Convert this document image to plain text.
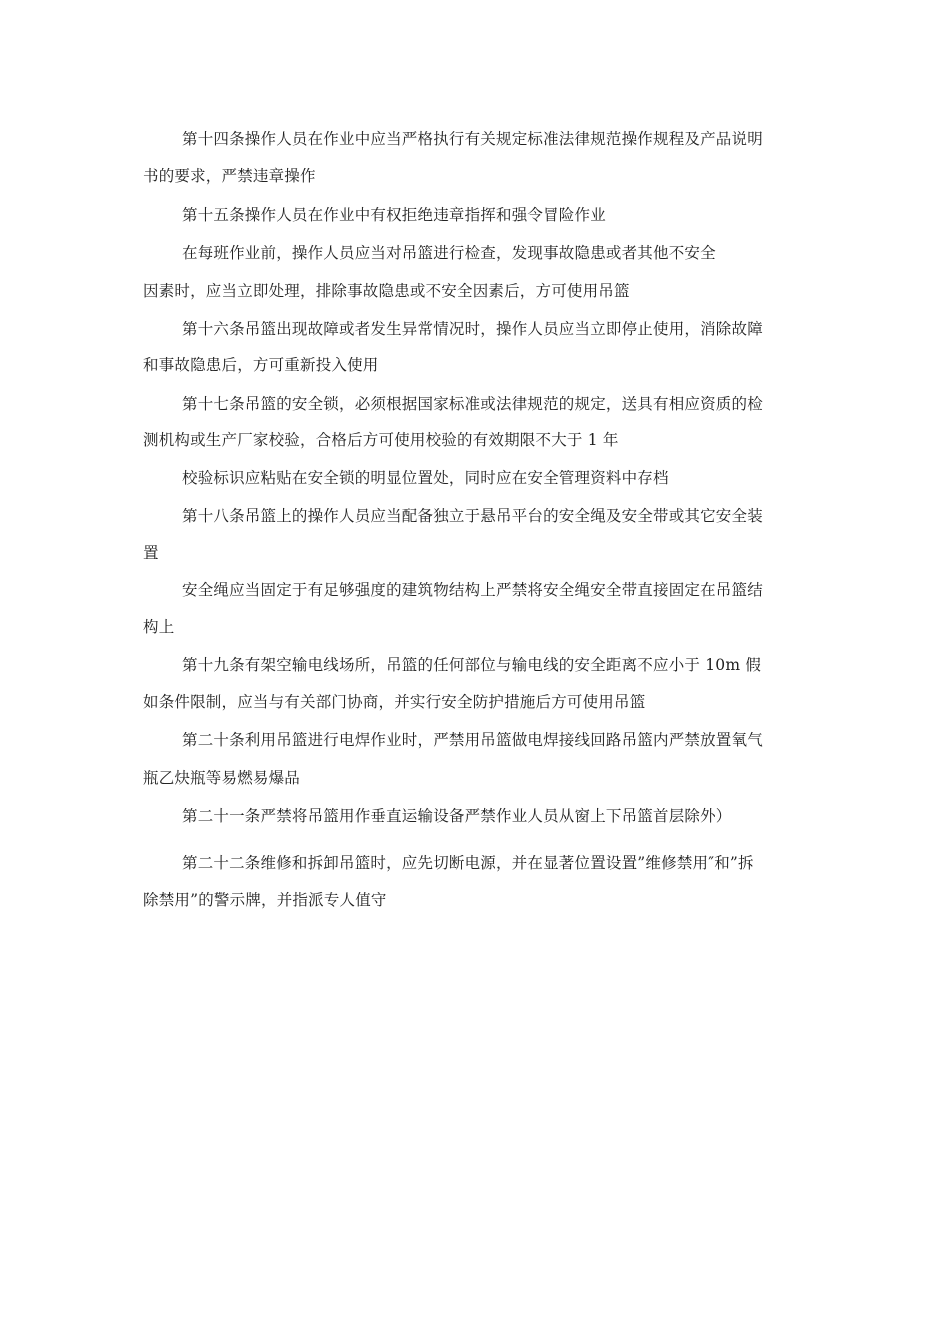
第十四条操作人员在作业中应当严格执行有关规定标准法律规范操作规程及产品说明
书的要求，严禁违章操作
第十五条操作人员在作业中有权拒绝违章指挥和强令冒险作业
在每班作业前，操作人员应当对吊篮进行检查，发现事故隐患或者其他不安全
因素时，应当立即处理，排除事故隐患或不安全因素后，方可使用吊篮
第十六条吊篮出现故障或者发生异常情况时，操作人员应当立即停止使用，消除故障
和事故隐患后，方可重新投入使用
第十七条吊篮的安全锁，必须根据国家标准或法律规范的规定，送具有相应资质的检
测机构或生产厂家校验，合格后方可使用校验的有效期限不大于 1 年
校验标识应粘贴在安全锁的明显位置处，同时应在安全管理资料中存档
第十八条吊篮上的操作人员应当配备独立于悬吊平台的安全绳及安全带或其它安全装
置
安全绳应当固定于有足够强度的建筑物结构上严禁将安全绳安全带直接固定在吊篮结
构上
第十九条有架空输电线场所，吊篮的任何部位与输电线的安全距离不应小于 10m 假
如条件限制，应当与有关部门协商，并实行安全防护措施后方可使用吊篮
第二十条利用吊篮进行电焊作业时，严禁用吊篮做电焊接线回路吊篮内严禁放置氧气
瓶乙炔瓶等易燃易爆品
第二十一条严禁将吊篮用作垂直运输设备严禁作业人员从窗上下吊篮首层除外）
第二十二条维修和拆卸吊篮时，应先切断电源，并在显著位置设置”维修禁用″和”拆
除禁用”的警示牌，并指派专人值守
